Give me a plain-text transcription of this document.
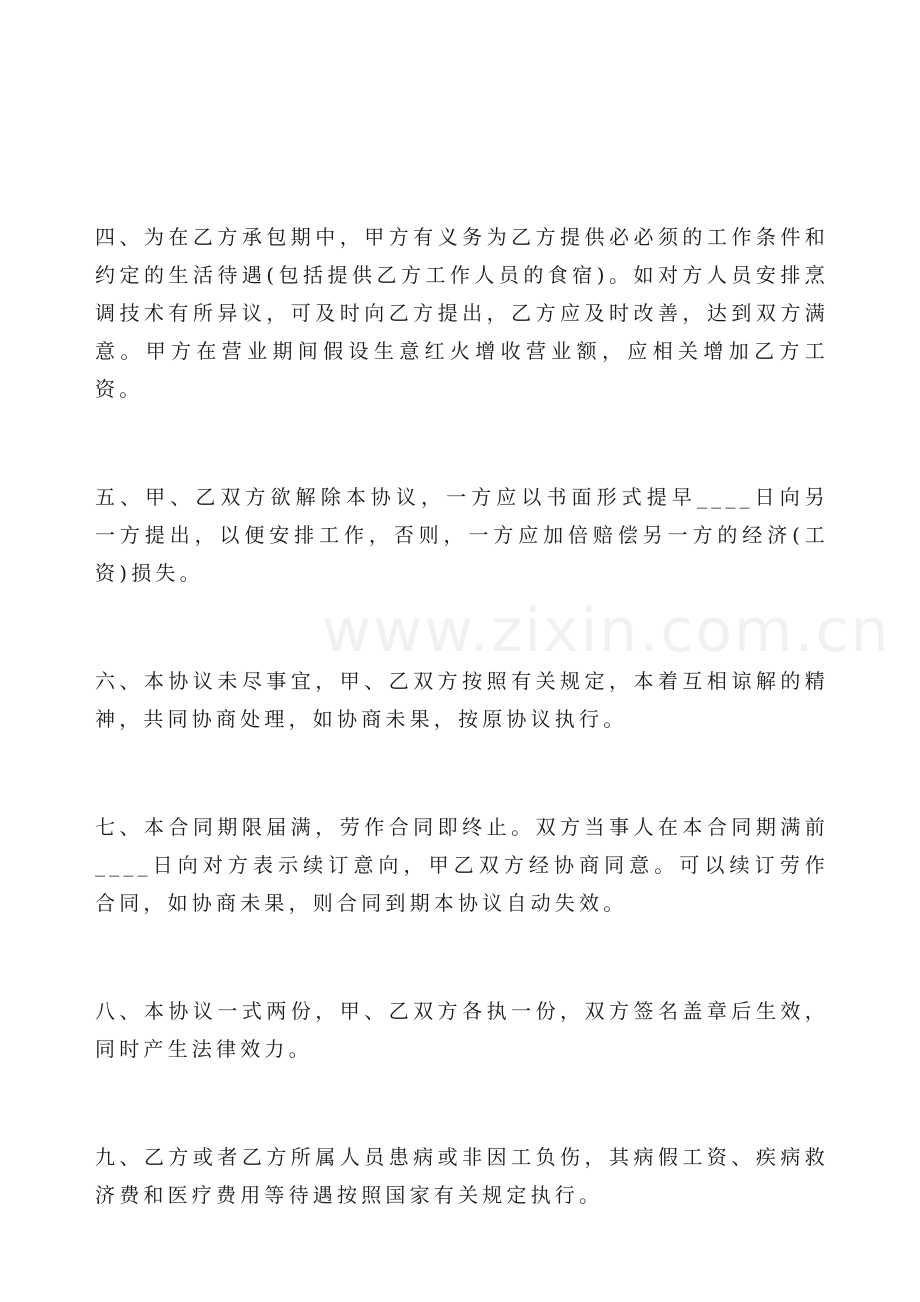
www.zixin.com.cn

四、为在乙方承包期中，甲方有义务为乙方提供必必须的工作条件和约定的生活待遇(包括提供乙方工作人员的食宿)。如对方人员安排烹调技术有所异议，可及时向乙方提出，乙方应及时改善，达到双方满意。甲方在营业期间假设生意红火增收营业额，应相关增加乙方工资。

五、甲、乙双方欲解除本协议，一方应以书面形式提早____日向另一方提出，以便安排工作，否则，一方应加倍赔偿另一方的经济(工资)损失。

六、本协议未尽事宜，甲、乙双方按照有关规定，本着互相谅解的精神，共同协商处理，如协商未果，按原协议执行。

七、本合同期限届满，劳作合同即终止。双方当事人在本合同期满前____日向对方表示续订意向，甲乙双方经协商同意。可以续订劳作合同，如协商未果，则合同到期本协议自动失效。

八、本协议一式两份，甲、乙双方各执一份，双方签名盖章后生效，同时产生法律效力。

九、乙方或者乙方所属人员患病或非因工负伤，其病假工资、疾病救济费和医疗费用等待遇按照国家有关规定执行。
